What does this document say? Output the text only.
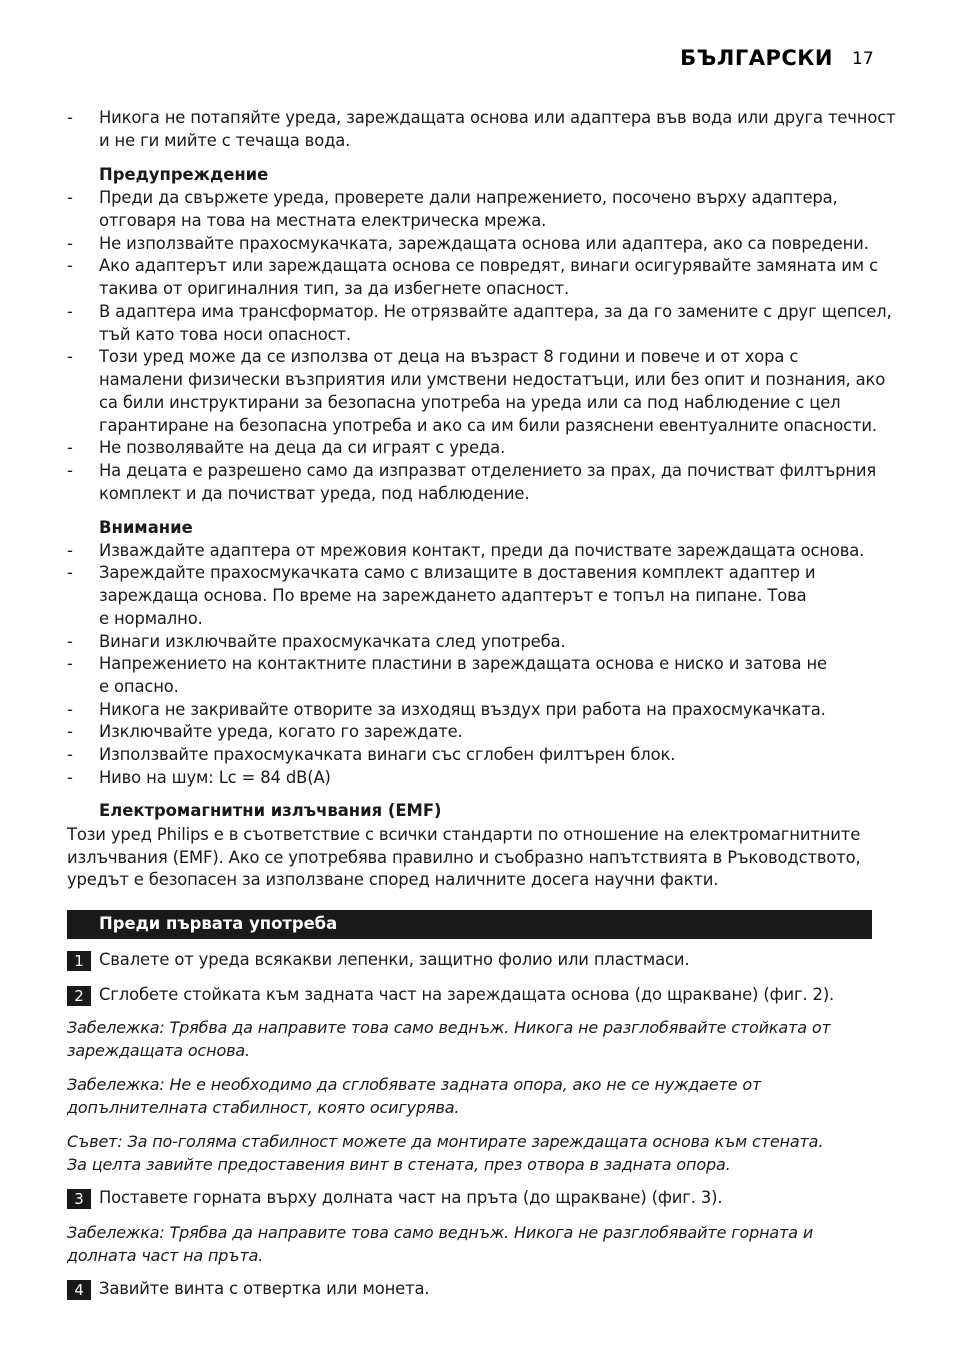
БЪЛГАРСКИ 17
- Никога не потапяйте уреда, зареждащата основа или адаптера във вода или друга течност
и не ги мийте с течаща вода.
Предупреждение
- Преди да свържете уреда, проверете дали напрежението, посочено върху адаптера,
отговаря на това на местната електрическа мрежа.
- Не използвайте прахосмукачката, зареждащата основа или адаптера, ако са повредени.
- Ако адаптерът или зареждащата основа се повредят, винаги осигурявайте замяната им с
такива от оригиналния тип, за да избегнете опасност.
- В адаптера има трансформатор. Не отрязвайте адаптера, за да го замените с друг щепсел,
тъй като това носи опасност.
- Този уред може да се използва от деца на възраст 8 години и повече и от хора с
намалени физически възприятия или умствени недостатъци, или без опит и познания, ако
са били инструктирани за безопасна употреба на уреда или са под наблюдение с цел
гарантиране на безопасна употреба и ако са им били разяснени евентуалните опасности.
- Не позволявайте на деца да си играят с уреда.
- На децата е разрешено само да изпразват отделението за прах, да почистват филтърния
комплект и да почистват уреда, под наблюдение.
Внимание
- Изваждайте адаптера от мрежовия контакт, преди да почиствате зареждащата основа.
- Зареждайте прахосмукачката само с влизащите в доставения комплект адаптер и
зареждаща основа. По време на зареждането адаптерът е топъл на пипане. Това
е нормално.
- Винаги изключвайте прахосмукачката след употреба.
- Напрежението на контактните пластини в зареждащата основа е ниско и затова не
е опасно.
- Никога не закривайте отворите за изходящ въздух при работа на прахосмукачката.
- Изключвайте уреда, когато го зареждате.
- Използвайте прахосмукачката винаги със сглобен филтърен блок.
- Ниво на шум: Lc = 84 dB(A)
Електромагнитни излъчвания (EMF)
Този уред Philips е в съответствие с всички стандарти по отношение на електромагнитните
излъчвания (EMF). Ако се употребява правилно и съобразно напътствията в Ръководството,
уредът е безопасен за използване според наличните досега научни факти.
Преди първата употреба
1 Свалете от уреда всякакви лепенки, защитно фолио или пластмаси.
2 Сглобете стойката към задната част на зареждащата основа (до щракване) (фиг. 2).
Забележка: Трябва да направите това само веднъж. Никога не разглобявайте стойката от
зареждащата основа.
Забележка: Не е необходимо да сглобявате задната опора, ако не се нуждаете от
допълнителната стабилност, която осигурява.
Съвет: За по-голяма стабилност можете да монтирате зареждащата основа към стената.
За целта завийте предоставения винт в стената, през отвора в задната опора.
3 Поставете горната върху долната част на пръта (до щракване) (фиг. 3).
Забележка: Трябва да направите това само веднъж. Никога не разглобявайте горната и
долната част на пръта.
4 Завийте винта с отвертка или монета.
